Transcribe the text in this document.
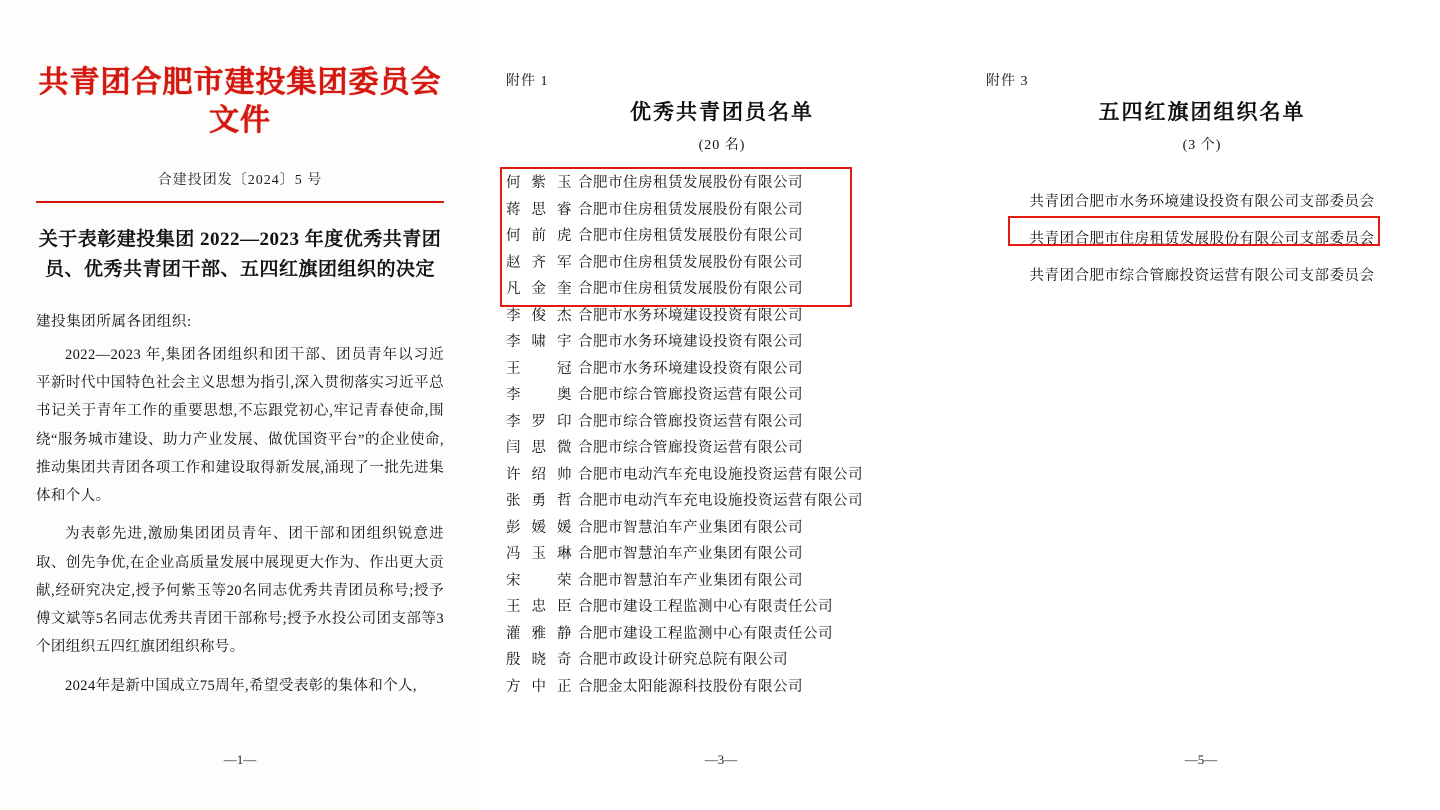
共青团合肥市建投集团委员会文件
合建投团发〔2024〕5 号
关于表彰建投集团 2022—2023 年度优秀共青团员、优秀共青团干部、五四红旗团组织的决定
建投集团所属各团组织:
2022—2023 年,集团各团组织和团干部、团员青年以习近平新时代中国特色社会主义思想为指引,深入贯彻落实习近平总书记关于青年工作的重要思想,不忘跟党初心,牢记青春使命,围绕“服务城市建设、助力产业发展、做优国资平台”的企业使命,推动集团共青团各项工作和建设取得新发展,涌现了一批先进集体和个人。
为表彰先进,激励集团团员青年、团干部和团组织锐意进取、创先争优,在企业高质量发展中展现更大作为、作出更大贡献,经研究决定,授予何紫玉等20名同志优秀共青团员称号;授予傅文斌等5名同志优秀共青团干部称号;授予水投公司团支部等3个团组织五四红旗团组织称号。
2024年是新中国成立75周年,希望受表彰的集体和个人,
—1—
附件 1
优秀共青团员名单
(20 名)
何紫玉 合肥市住房租赁发展股份有限公司
蒋思睿 合肥市住房租赁发展股份有限公司
何前虎 合肥市住房租赁发展股份有限公司
赵齐军 合肥市住房租赁发展股份有限公司
凡金奎 合肥市住房租赁发展股份有限公司
李俊杰 合肥市水务环境建设投资有限公司
李啸宇 合肥市水务环境建设投资有限公司
王冠 合肥市水务环境建设投资有限公司
李奥 合肥市综合管廊投资运营有限公司
李罗印 合肥市综合管廊投资运营有限公司
闫思微 合肥市综合管廊投资运营有限公司
许绍帅 合肥市电动汽车充电设施投资运营有限公司
张勇哲 合肥市电动汽车充电设施投资运营有限公司
彭媛媛 合肥市智慧泊车产业集团有限公司
冯玉琳 合肥市智慧泊车产业集团有限公司
宋荣 合肥市智慧泊车产业集团有限公司
王忠臣 合肥市建设工程监测中心有限责任公司
灌雅静 合肥市建设工程监测中心有限责任公司
殷晓奇 合肥市政设计研究总院有限公司
方中正 合肥金太阳能源科技股份有限公司
—3—
附件 3
五四红旗团组织名单
(3 个)
共青团合肥市水务环境建设投资有限公司支部委员会
共青团合肥市住房租赁发展股份有限公司支部委员会
共青团合肥市综合管廊投资运营有限公司支部委员会
—5—
